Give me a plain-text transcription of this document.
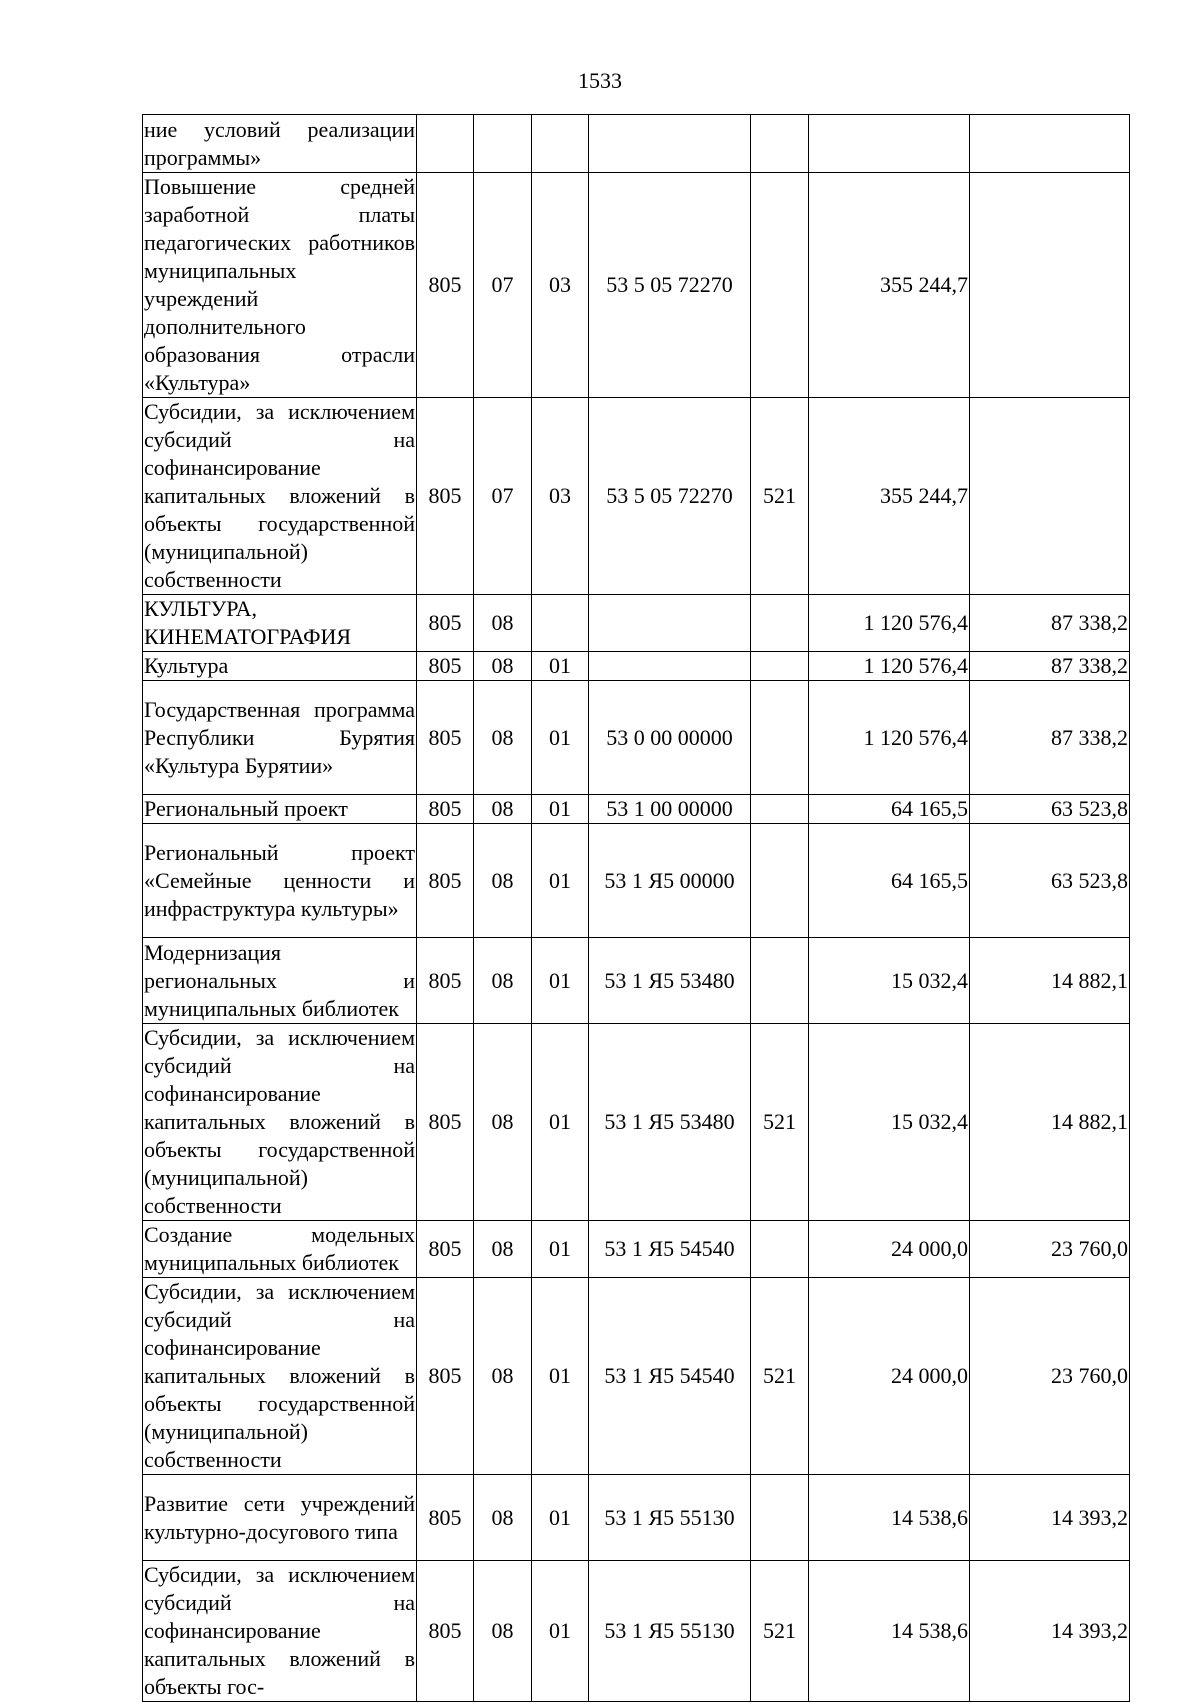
1533
ние условий реализации программы»							
Повышение средней заработной платы педагогических работников муниципальных учреждений дополнительного образования отрасли «Культура»	805	07	03	53 5 05 72270		355 244,7	
Субсидии, за исключением субсидий на софинансирование капитальных вложений в объекты государственной (муниципальной) собственности	805	07	03	53 5 05 72270	521	355 244,7	
КУЛЬТУРА, КИНЕМАТОГРАФИЯ	805	08				1 120 576,4	87 338,2
Культура	805	08	01			1 120 576,4	87 338,2
Государственная программа Республики Бурятия «Культура Бурятии»	805	08	01	53 0 00 00000		1 120 576,4	87 338,2
Региональный проект	805	08	01	53 1 00 00000		64 165,5	63 523,8
Региональный проект «Семейные ценности и инфраструктура культуры»	805	08	01	53 1 Я5 00000		64 165,5	63 523,8
Модернизация региональных и муниципальных библиотек	805	08	01	53 1 Я5 53480		15 032,4	14 882,1
Субсидии, за исключением субсидий на софинансирование капитальных вложений в объекты государственной (муниципальной) собственности	805	08	01	53 1 Я5 53480	521	15 032,4	14 882,1
Создание модельных муниципальных библиотек	805	08	01	53 1 Я5 54540		24 000,0	23 760,0
Субсидии, за исключением субсидий на софинансирование капитальных вложений в объекты государственной (муниципальной) собственности	805	08	01	53 1 Я5 54540	521	24 000,0	23 760,0
Развитие сети учреждений культурно-досугового типа	805	08	01	53 1 Я5 55130		14 538,6	14 393,2
Субсидии, за исключением субсидий на софинансирование капитальных вложений в объекты гос-	805	08	01	53 1 Я5 55130	521	14 538,6	14 393,2
